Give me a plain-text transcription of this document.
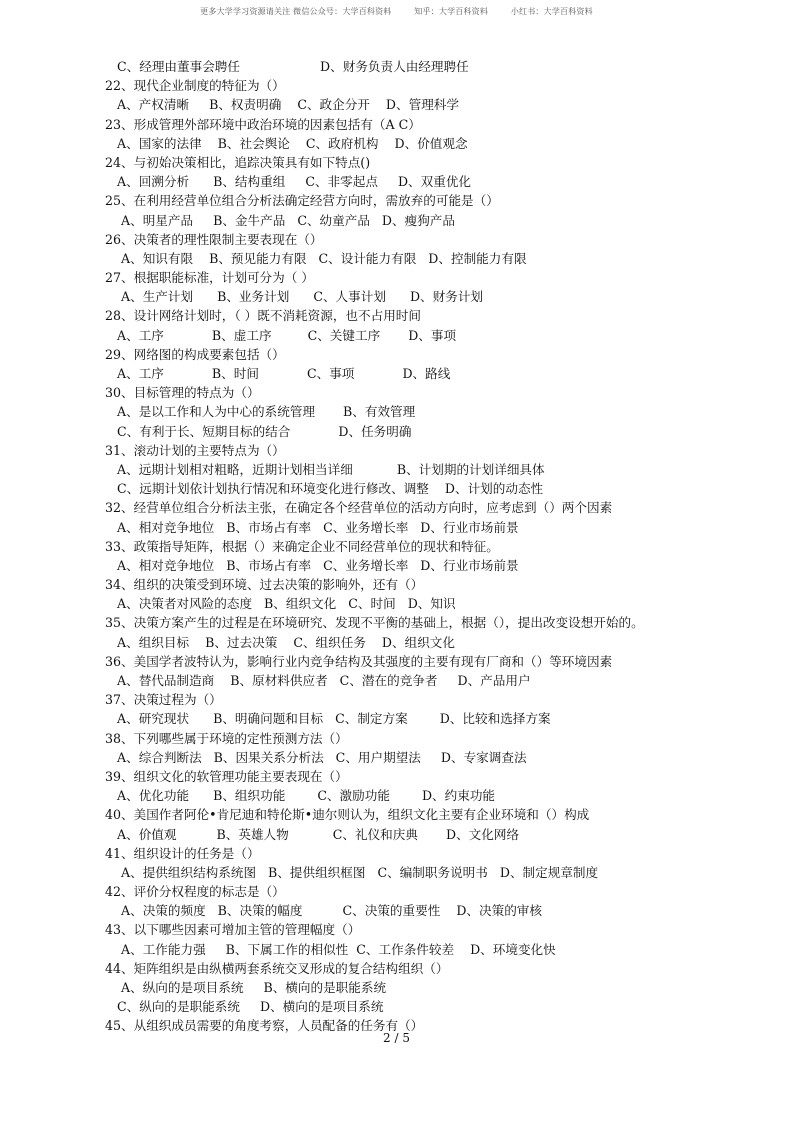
更多大学学习资源请关注 微信公众号：大学百科资料	知乎：大学百科资料	小红书：大学百科资料
C、经理由董事会聘任                    D、财务负责人由经理聘任
22、现代企业制度的特征为（）
A、产权清晰     B、权责明确    C、政企分开    D、管理科学
23、形成管理外部环境中政治环境的因素包括有（A C）
A、国家的法律    B、社会舆论    C、政府机构    D、价值观念
24、与初始决策相比，追踪决策具有如下特点()
A、回溯分析      B、结构重组     C、非零起点     D、双重优化
25、在利用经营单位组合分析法确定经营方向时，需放弃的可能是（）
A、明星产品     B、金牛产品   C、幼童产品   D、瘦狗产品
26、决策者的理性限制主要表现在（）
A、知识有限    B、预见能力有限   C、设计能力有限   D、控制能力有限
27、根据职能标准，计划可分为（ ）
A、生产计划      B、业务计划      C、人事计划      D、财务计划
28、设计网络计划时，（ ）既不消耗资源，也不占用时间
A、工序            B、虚工序         C、关键工序       D、事项
29、网络图的构成要素包括（）
A、工序            B、时间            C、事项            D、路线
30、目标管理的特点为（）
A、是以工作和人为中心的系统管理       B、有效管理
C、有利于长、短期目标的结合            D、任务明确
31、滚动计划的主要特点为（）
A、远期计划相对粗略，近期计划相当详细           B、计划期的计划详细具体
C、远期计划依计划执行情况和环境变化进行修改、调整    D、计划的动态性
32、经营单位组合分析法主张，在确定各个经营单位的活动方向时，应考虑到（）两个因素
A、相对竞争地位   B、市场占有率   C、业务增长率   D、行业市场前景
33、政策指导矩阵，根据（）来确定企业不同经营单位的现状和特征。
A、相对竞争地位   B、市场占有率   C、业务增长率   D、行业市场前景
34、组织的决策受到环境、过去决策的影响外，还有（）
A、决策者对风险的态度   B、组织文化   C、时间   D、知识
35、决策方案产生的过程是在环境研究、发现不平衡的基础上，根据（），提出改变设想开始的。
A、组织目标    B、过去决策    C、组织任务    D、组织文化
36、美国学者波特认为，影响行业内竞争结构及其强度的主要有现有厂商和（）等环境因素
A、替代品制造商    B、原材料供应者   C、潜在的竞争者     D、产品用户
37、决策过程为（）
A、研究现状      B、明确问题和目标   C、制定方案        D、比较和选择方案
38、下列哪些属于环境的定性预测方法（）
A、综合判断法   B、因果关系分析法   C、用户期望法     D、专家调查法
39、组织文化的软管理功能主要表现在（）
A、优化功能      B、组织功能        C、激励功能        D、约束功能
40、美国作者阿伦•肯尼迪和特伦斯•迪尔则认为，组织文化主要有企业环境和（）构成
A、价值观          B、英雄人物           C、礼仪和庆典       D、文化网络
41、组织设计的任务是（）
A、提供组织结构系统图   B、提供组织框图   C、编制职务说明书   D、制定规章制度
42、评价分权程度的标志是（）
A、决策的频度   B、决策的幅度          C、决策的重要性    D、决策的审核
43、以下哪些因素可增加主管的管理幅度（）
A、工作能力强     B、下属工作的相似性  C、工作条件较差    D、环境变化快
44、矩阵组织是由纵横两套系统交叉形成的复合结构组织（）
A、纵向的是项目系统     B、横向的是职能系统
C、纵向的是职能系统     D、横向的是项目系统
45、从组织成员需要的角度考察，人员配备的任务有（）
2 / 5
